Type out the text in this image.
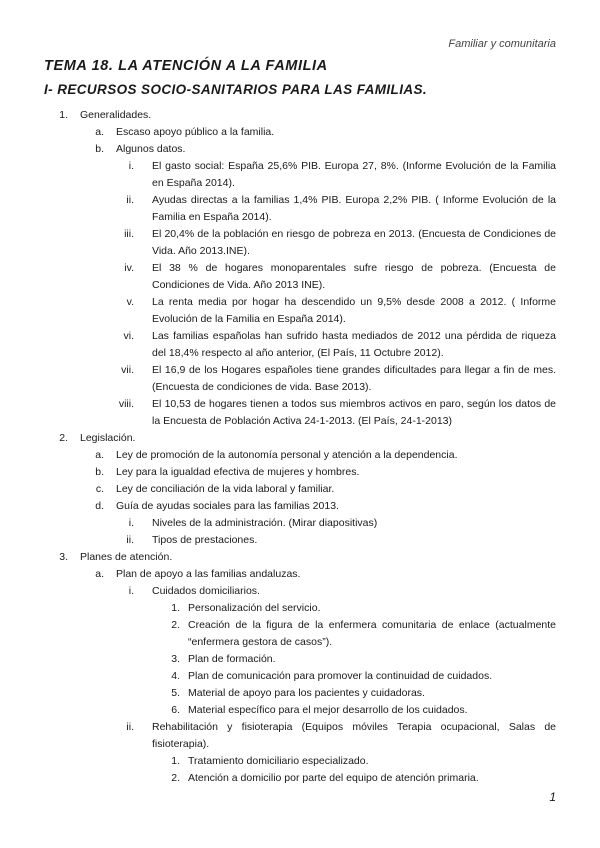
Familiar y comunitaria
TEMA 18. LA ATENCIÓN A LA FAMILIA
I- RECURSOS SOCIO-SANITARIOS PARA LAS FAMILIAS.
1. Generalidades.
a. Escaso apoyo público a la familia.
b. Algunos datos.
i. El gasto social: España 25,6% PIB. Europa 27, 8%. (Informe Evolución de la Familia en España 2014).
ii. Ayudas directas a la familias 1,4% PIB. Europa 2,2% PIB. ( Informe Evolución de la Familia en España 2014).
iii. El 20,4% de la población en riesgo de pobreza en 2013. (Encuesta de Condiciones de Vida. Año 2013.INE).
iv. El 38 % de hogares monoparentales sufre riesgo de pobreza. (Encuesta de Condiciones de Vida. Año 2013 INE).
v. La renta media por hogar ha descendido un 9,5% desde 2008 a 2012. ( Informe Evolución de la Familia en España 2014).
vi. Las familias españolas han sufrido hasta mediados de 2012 una pérdida de riqueza del 18,4% respecto al año anterior, (El País, 11 Octubre 2012).
vii. El 16,9 de los Hogares españoles tiene grandes dificultades para llegar a fin de mes. (Encuesta de condiciones de vida. Base 2013).
viii. El 10,53 de hogares tienen a todos sus miembros activos en paro, según los datos de la Encuesta de Población Activa 24-1-2013. (El País, 24-1-2013)
2. Legislación.
a. Ley de promoción de la autonomía personal y atención a la dependencia.
b. Ley para la igualdad efectiva de mujeres y hombres.
c. Ley de conciliación de la vida laboral y familiar.
d. Guía de ayudas sociales para las familias 2013.
i. Niveles de la administración. (Mirar diapositivas)
ii. Tipos de prestaciones.
3. Planes de atención.
a. Plan de apoyo a las familias andaluzas.
i. Cuidados domiciliarios.
1. Personalización del servicio.
2. Creación de la figura de la enfermera comunitaria de enlace (actualmente “enfermera gestora de casos”).
3. Plan de formación.
4. Plan de comunicación para promover la continuidad de cuidados.
5. Material de apoyo para los pacientes y cuidadoras.
6. Material específico para el mejor desarrollo de los cuidados.
ii. Rehabilitación y fisioterapia (Equipos móviles Terapia ocupacional, Salas de fisioterapia).
1. Tratamiento domiciliario especializado.
2. Atención a domicilio por parte del equipo de atención primaria.
1
